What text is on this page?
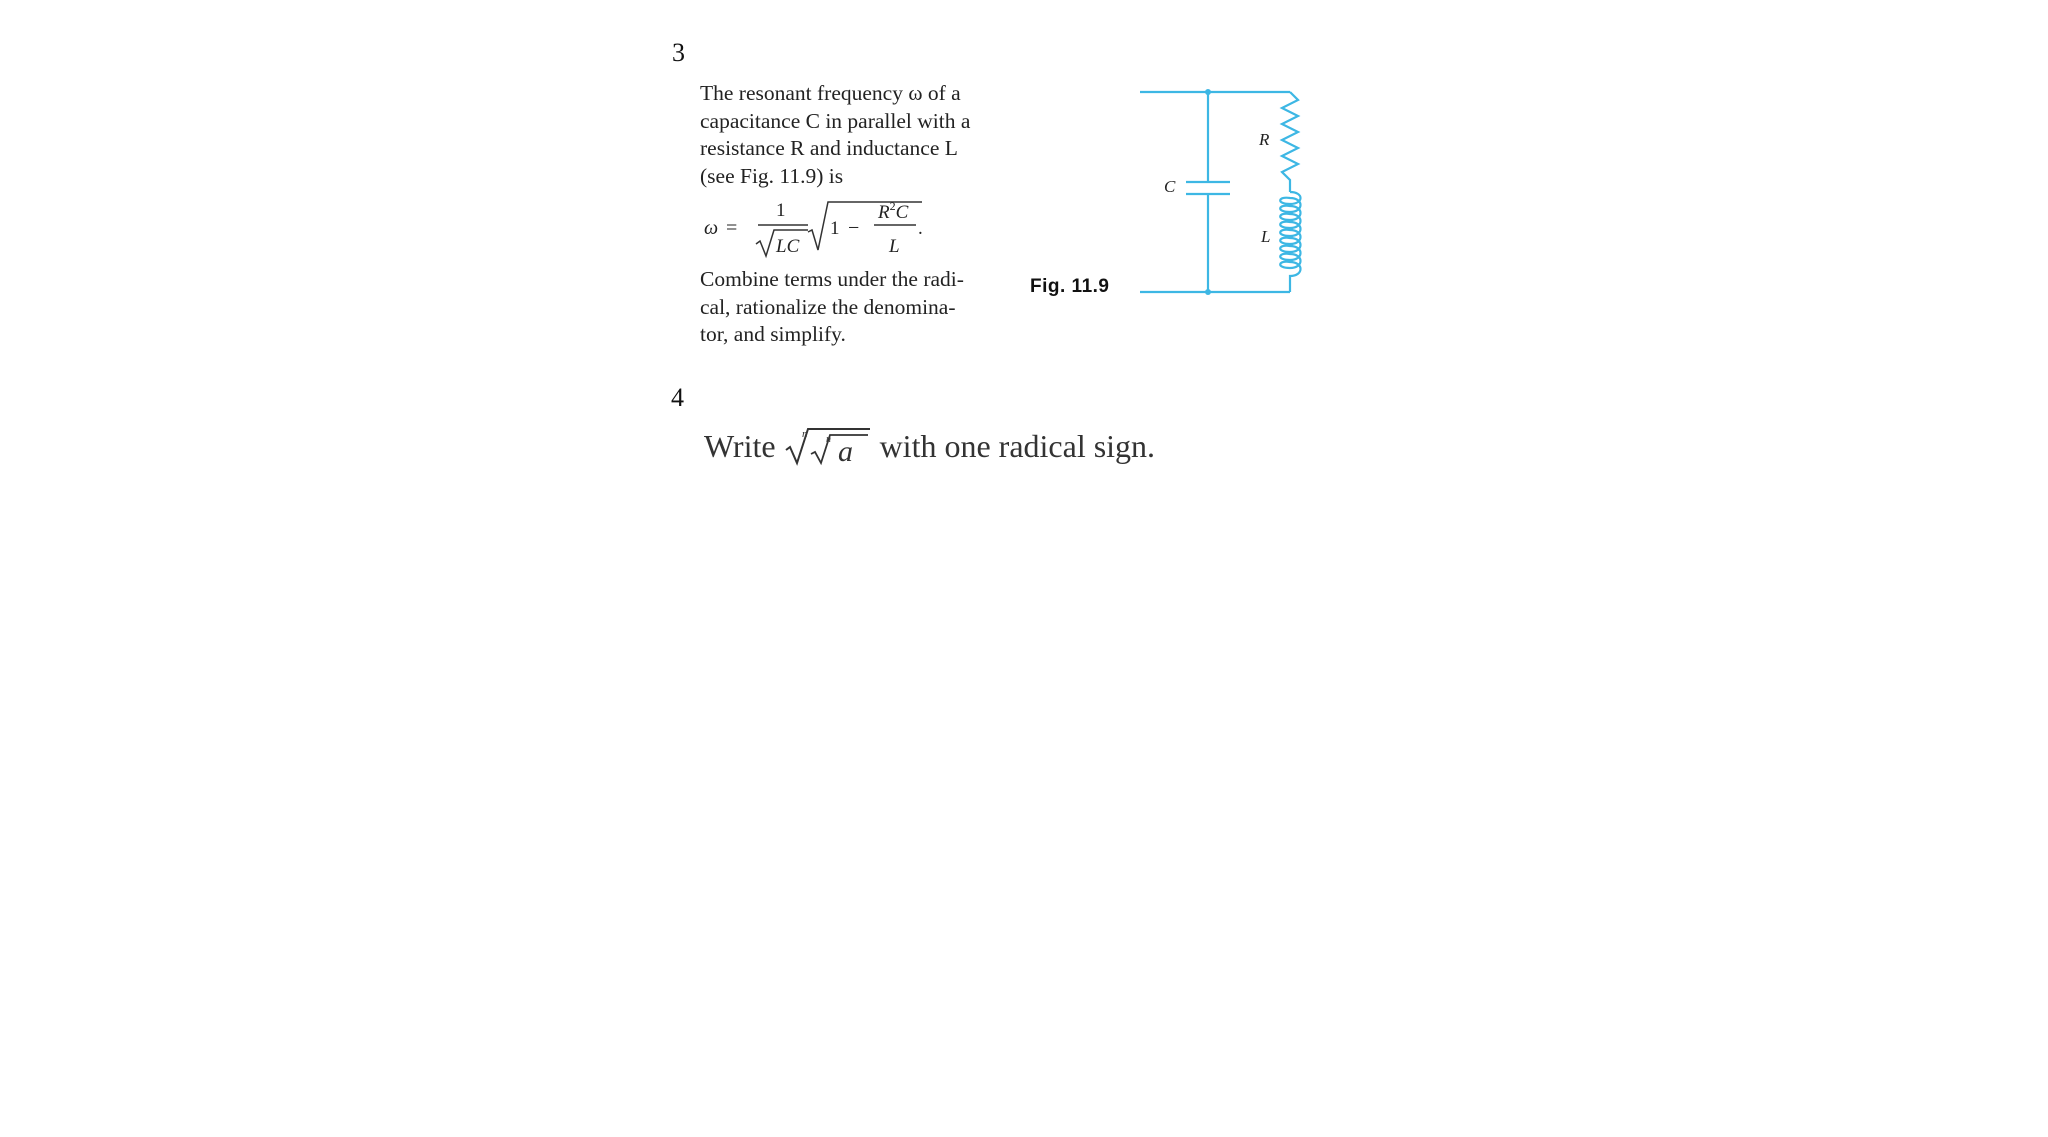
3
The resonant frequency ω of a
capacitance C in parallel with a
resistance R and inductance L
(see Fig. 11.9) is
ω =
1
LC
1 −
$R^2C$
L
.
Combine terms under the radi-
cal, rationalize the denomina-
tor, and simplify.
Fig. 11.9
C
R
L
4
Write n n a with one radical sign.
